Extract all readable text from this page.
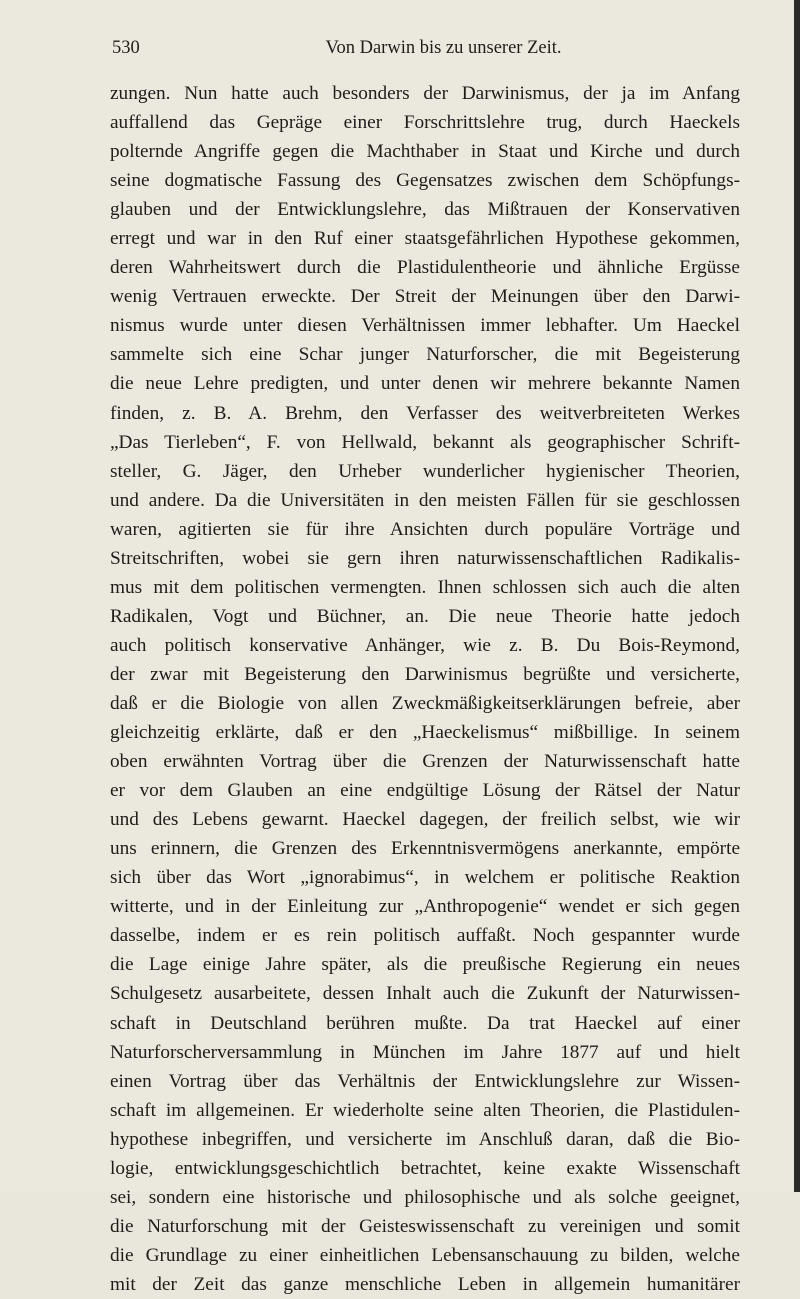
530	Von Darwin bis zu unserer Zeit.
zungen. Nun hatte auch besonders der Darwinismus, der ja im Anfang
auffallend das Gepräge einer Forschrittslehre trug, durch Haeckels
polternde Angriffe gegen die Machthaber in Staat und Kirche und durch
seine dogmatische Fassung des Gegensatzes zwischen dem Schöpfungs-
glauben und der Entwicklungslehre, das Mißtrauen der Konservativen
erregt und war in den Ruf einer staatsgefährlichen Hypothese gekommen,
deren Wahrheitswert durch die Plastidulentheorie und ähnliche Ergüsse
wenig Vertrauen erweckte. Der Streit der Meinungen über den Darwi-
nismus wurde unter diesen Verhältnissen immer lebhafter. Um Haeckel
sammelte sich eine Schar junger Naturforscher, die mit Begeisterung
die neue Lehre predigten, und unter denen wir mehrere bekannte Namen
finden, z. B. A. Brehm, den Verfasser des weitverbreiteten Werkes
„Das Tierleben“, F. von Hellwald, bekannt als geographischer Schrift-
steller, G. Jäger, den Urheber wunderlicher hygienischer Theorien,
und andere. Da die Universitäten in den meisten Fällen für sie geschlossen
waren, agitierten sie für ihre Ansichten durch populäre Vorträge und
Streitschriften, wobei sie gern ihren naturwissenschaftlichen Radikalis-
mus mit dem politischen vermengten. Ihnen schlossen sich auch die alten
Radikalen, Vogt und Büchner, an. Die neue Theorie hatte jedoch
auch politisch konservative Anhänger, wie z. B. Du Bois-Reymond,
der zwar mit Begeisterung den Darwinismus begrüßte und versicherte,
daß er die Biologie von allen Zweckmäßigkeitserklärungen befreie, aber
gleichzeitig erklärte, daß er den „Haeckelismus“ mißbillige. In seinem
oben erwähnten Vortrag über die Grenzen der Naturwissenschaft hatte
er vor dem Glauben an eine endgültige Lösung der Rätsel der Natur
und des Lebens gewarnt. Haeckel dagegen, der freilich selbst, wie wir
uns erinnern, die Grenzen des Erkenntnisvermögens anerkannte, empörte
sich über das Wort „ignorabimus“, in welchem er politische Reaktion
witterte, und in der Einleitung zur „Anthropogenie“ wendet er sich gegen
dasselbe, indem er es rein politisch auffaßt. Noch gespannter wurde
die Lage einige Jahre später, als die preußische Regierung ein neues
Schulgesetz ausarbeitete, dessen Inhalt auch die Zukunft der Naturwissen-
schaft in Deutschland berühren mußte. Da trat Haeckel auf einer
Naturforscherversammlung in München im Jahre 1877 auf und hielt
einen Vortrag über das Verhältnis der Entwicklungslehre zur Wissen-
schaft im allgemeinen. Er wiederholte seine alten Theorien, die Plastidulen-
hypothese inbegriffen, und versicherte im Anschluß daran, daß die Bio-
logie, entwicklungsgeschichtlich betrachtet, keine exakte Wissenschaft
sei, sondern eine historische und philosophische und als solche geeignet,
die Naturforschung mit der Geisteswissenschaft zu vereinigen und somit
die Grundlage zu einer einheitlichen Lebensanschauung zu bilden, welche
mit der Zeit das ganze menschliche Leben in allgemein humanitärer
